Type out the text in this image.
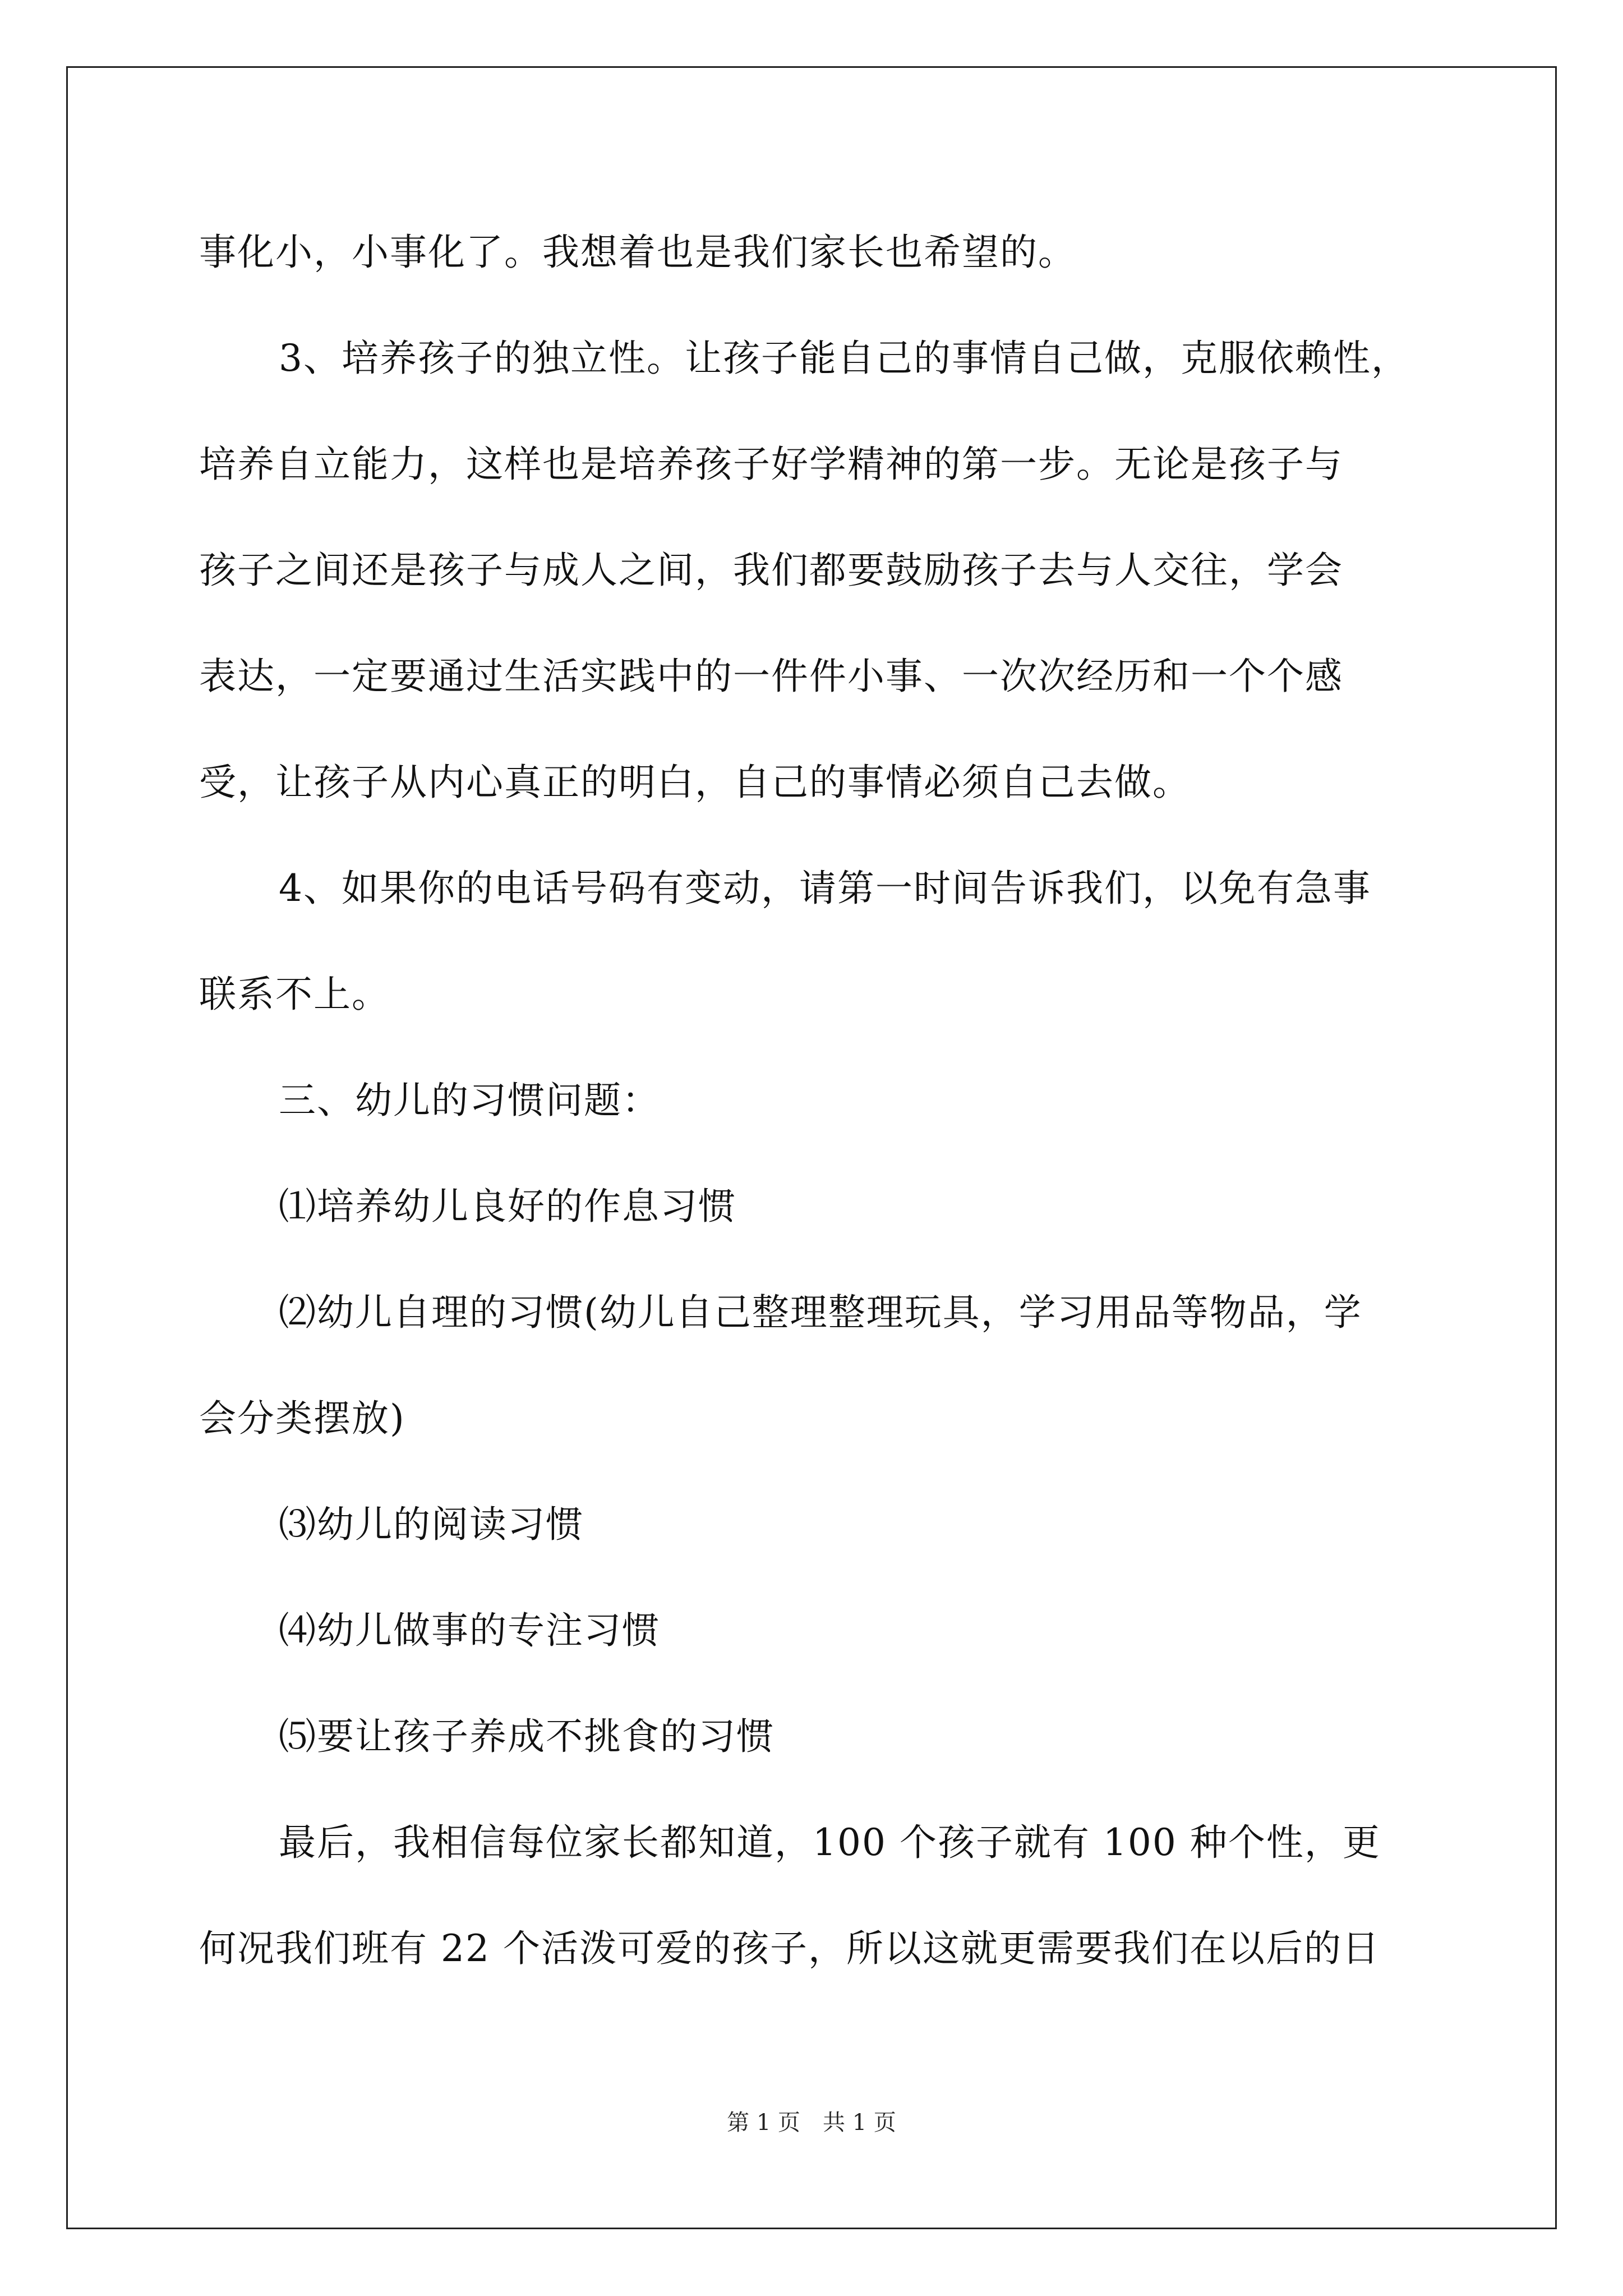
事化小，小事化了。我想着也是我们家长也希望的。
3、培养孩子的独立性。让孩子能自己的事情自己做，克服依赖性，
培养自立能力，这样也是培养孩子好学精神的第一步。无论是孩子与
孩子之间还是孩子与成人之间，我们都要鼓励孩子去与人交往，学会
表达，一定要通过生活实践中的一件件小事、一次次经历和一个个感
受，让孩子从内心真正的明白，自己的事情必须自己去做。
4、如果你的电话号码有变动，请第一时间告诉我们，以免有急事
联系不上。
三、幼儿的习惯问题：
⑴培养幼儿良好的作息习惯
⑵幼儿自理的习惯(幼儿自己整理整理玩具，学习用品等物品，学
会分类摆放)
⑶幼儿的阅读习惯
⑷幼儿做事的专注习惯
⑸要让孩子养成不挑食的习惯
最后，我相信每位家长都知道，100 个孩子就有 100 种个性，更
何况我们班有 22 个活泼可爱的孩子，所以这就更需要我们在以后的日
第 1 页　共 1 页
